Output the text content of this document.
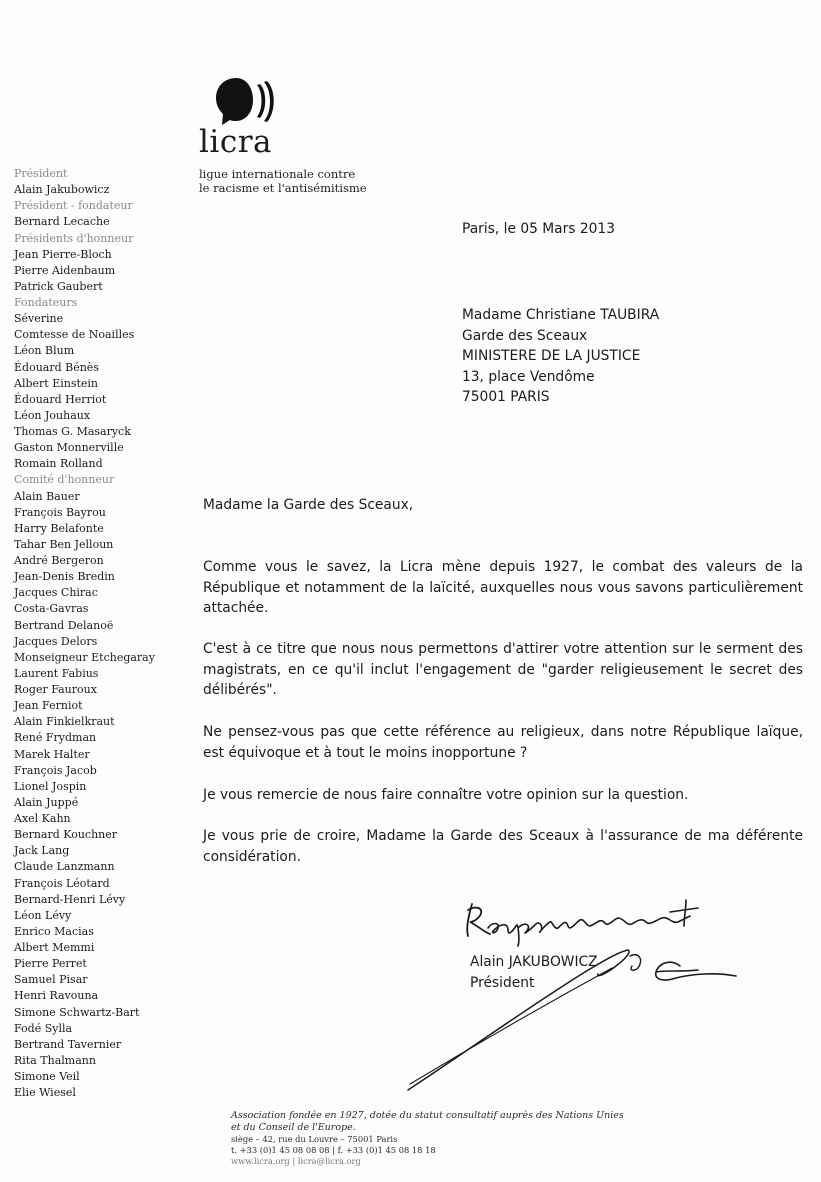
licra
ligue internationale contre
le racisme et l'antisémitisme
Président
Alain Jakubowicz
Président - fondateur
Bernard Lecache
Présidents d'honneur
Jean Pierre-Bloch
Pierre Aidenbaum
Patrick Gaubert
Fondateurs
Séverine
Comtesse de Noailles
Léon Blum
Édouard Bénès
Albert Einstein
Édouard Herriot
Léon Jouhaux
Thomas G. Masaryck
Gaston Monnerville
Romain Rolland
Comité d'honneur
Alain Bauer
François Bayrou
Harry Belafonte
Tahar Ben Jelloun
André Bergeron
Jean-Denis Bredin
Jacques Chirac
Costa-Gavras
Bertrand Delanoë
Jacques Delors
Monseigneur Etchegaray
Laurent Fabius
Roger Fauroux
Jean Ferniot
Alain Finkielkraut
René Frydman
Marek Halter
François Jacob
Lionel Jospin
Alain Juppé
Axel Kahn
Bernard Kouchner
Jack Lang
Claude Lanzmann
François Léotard
Bernard-Henri Lévy
Léon Lévy
Enrico Macias
Albert Memmi
Pierre Perret
Samuel Pisar
Henri Ravouna
Simone Schwartz-Bart
Fodé Sylla
Bertrand Tavernier
Rita Thalmann
Simone Veil
Elie Wiesel
Paris, le 05 Mars 2013
Madame Christiane TAUBIRA
Garde des Sceaux
MINISTERE DE LA JUSTICE
13, place Vendôme
75001 PARIS
Madame la Garde des Sceaux,
Comme vous le savez, la Licra mène depuis 1927, le combat des valeurs de la République et notamment de la laïcité, auxquelles nous vous savons particulièrement attachée.
C'est à ce titre que nous nous permettons d'attirer votre attention sur le serment des magistrats, en ce qu'il inclut l'engagement de "garder religieusement le secret des délibérés".
Ne pensez-vous pas que cette référence au religieux, dans notre République laïque, est équivoque et à tout le moins inopportune ?
Je vous remercie de nous faire connaître votre opinion sur la question.
Je vous prie de croire, Madame la Garde des Sceaux à l'assurance de ma déférente considération.
Alain JAKUBOWICZ
Président
Association fondée en 1927, dotée du statut consultatif auprès des Nations Unies
et du Conseil de l'Europe.
siège – 42, rue du Louvre – 75001 Paris
t. +33 (0)1 45 08 08 08 | f. +33 (0)1 45 08 18 18
www.licra.org | licra@licra.org
